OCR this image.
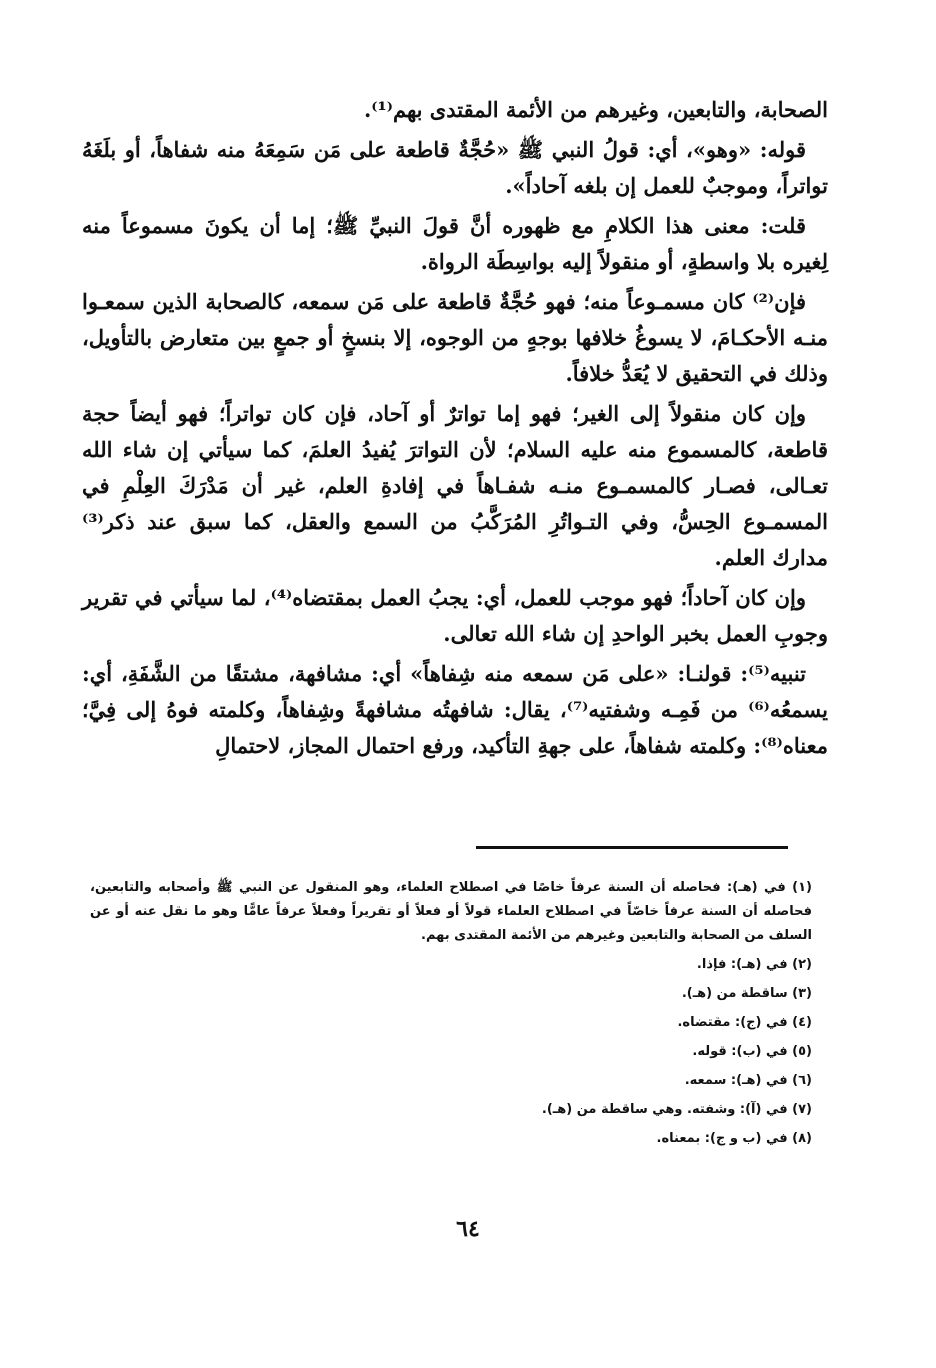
الصحابة، والتابعين، وغيرهم من الأئمة المقتدى بهم⁽¹⁾.

قوله: «وهو»، أي: قولُ النبي ﷺ «حُجَّةٌ قاطعة على مَن سَمِعَهُ منه شفاهاً، أو بلَغَهُ تواتراً، وموجبٌ للعمل إن بلغه آحاداً».

قلت: معنى هذا الكلامِ مع ظهوره أنَّ قولَ النبيِّ ﷺ؛ إما أن يكونَ مسموعاً منه لِغيره بلا واسطةٍ، أو منقولاً إليه بواسِطَة الرواة.

فإن⁽²⁾ كان مسمـوعاً منه؛ فهو حُجَّةٌ قاطعة على مَن سمعه، كالصحابة الذين سمعـوا منـه الأحكـامَ، لا يسوغُ خلافها بوجهٍ من الوجوه، إلا بنسخٍ أو جمعٍ بين متعارض بالتأويل، وذلك في التحقيق لا يُعَدُّ خلافاً.

وإن كان منقولاً إلى الغير؛ فهو إما تواترٌ أو آحاد، فإن كان تواتراً؛ فهو أيضاً حجة قاطعة، كالمسموع منه عليه السلام؛ لأن التواترَ يُفيدُ العلمَ، كما سيأتي إن شاء الله تعـالى، فصـار كالمسمـوع منـه شفـاهاً في إفادةِ العلم، غير أن مَدْرَكَ العِلْمِ في المسمـوع الحِسُّ، وفي التـواتُرِ المُرَكَّبُ من السمع والعقل، كما سبق عند ذكر⁽³⁾ مدارك العلم.

وإن كان آحاداً؛ فهو موجب للعمل، أي: يجبُ العمل بمقتضاه⁽⁴⁾، لما سيأتي في تقرير وجوبِ العمل بخبر الواحدِ إن شاء الله تعالى.

تنبيه⁽⁵⁾: قولنـا: «على مَن سمعه منه شِفاهاً» أي: مشافهة، مشتقًا من الشَّفَةِ، أي: يسمعُه⁽⁶⁾ من فَمِـه وشفتيه⁽⁷⁾، يقال: شافهتُه مشافهةً وشِفاهاً، وكلمته فوهُ إلى فِيَّ؛ معناه⁽⁸⁾: وكلمته شفاهاً، على جهةِ التأكيد، ورفع احتمال المجاز، لاحتمالِ

(١) في (هـ): فحاصله أن السنة عرفاً خاصًا في اصطلاح العلماء، وهو المنقول عن النبي ﷺ وأصحابه والتابعين، فحاصله أن السنة عرفاً خاصّاً في اصطلاح العلماء قولاً أو فعلاً أو تقريراً وفعلاً عرفاً عامًّا وهو ما نقل عنه أو عن السلف من الصحابة والتابعين وغيرهم من الأئمة المقتدى بهم.

(٢) في (هـ): فإذا.

(٣) ساقطة من (هـ).

(٤) في (ج): مقتضاه.

(٥) في (ب): قوله.

(٦) في (هـ): سمعه.

(٧) في (آ): وشفته. وهي ساقطة من (هـ).

(٨) في (ب و ج): بمعناه.

٦٤
